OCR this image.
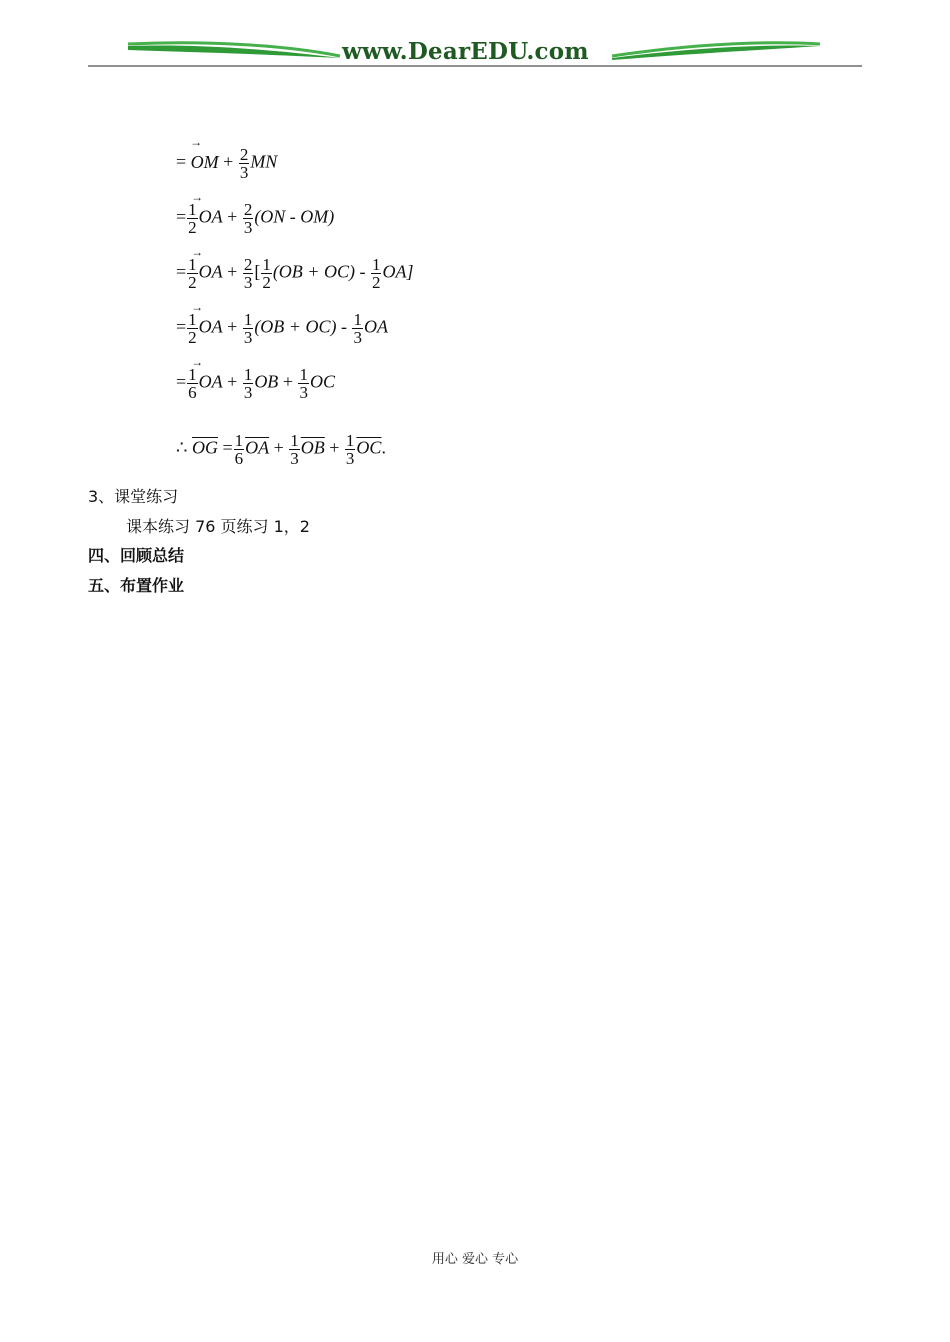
www.DearEDU.com
=
→
OM + $\frac{2}{3}$ MN
=
→
1
2
OA + $\frac{2}{3} (ON - OM)$
=
→
1
2
OA + $\frac{2}{3}$ [ $\frac{1}{2} (OB + OC) - \frac{1}{2} OA$]
=
→
1
2
OA + $\frac{1}{3} (OB + OC) - \frac{1}{3}$ OA
=
→
1
6
OA + $\frac{1}{3}$ OB + $\frac{1}{3}$ OC
∴ $\overline{OG} = \frac{1}{6} \overline{OA} + \frac{1}{3} \overline{OB} + \frac{1}{3} \overline{OC}$.
3、课堂练习
课本练习 76 页练习 1，2
四、回顾总结
五、布置作业
用心 爱心 专心
